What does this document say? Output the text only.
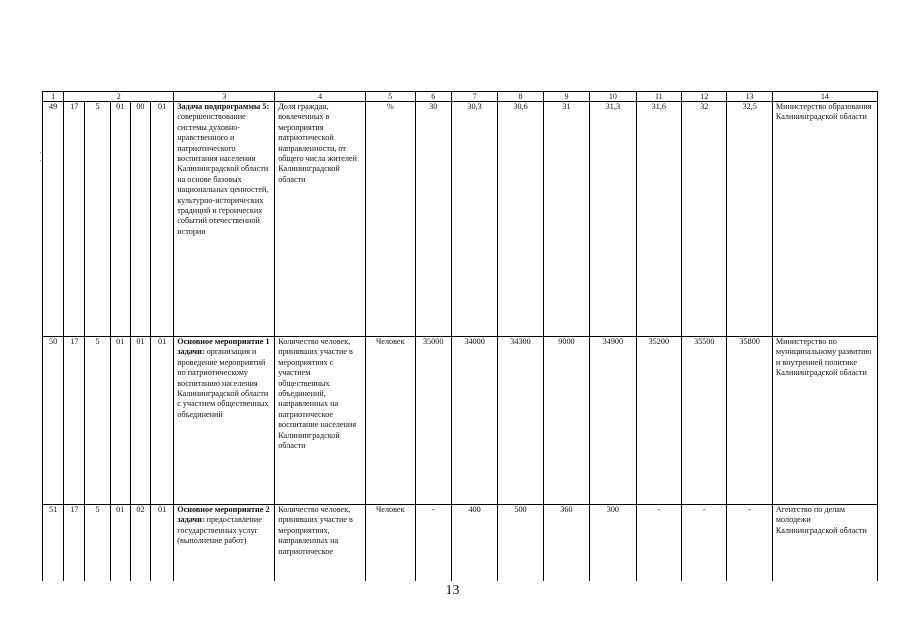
1	2					3	4	5	6	7	8	9	10	11	12	13	14
49	17	5	01	00	01	Задача подпрограммы 5: совершенствование системы духовно-нравственного и патриотического воспитания населения Калининградской области на основе базовых национальных ценностей, культурно-исторических традиций и героических событий отечественной истории	Доля граждан, вовлеченных в мероприятия патриотической направленности, от общего числа жителей Калининградской области	%	30	30,3	30,6	31	31,3	31,6	32	32,5	Министерство образования Калининградской области
50	17	5	01	01	01	Основное мероприятие 1 задачи: организация и проведение мероприятий по патриотическому воспитанию населения Калининградской области с участием общественных объединений	Количество человек, принявших участие в мероприятиях с участием общественных объединений, направленных на патриотическое воспитание населения Калининградской области	Человек	35000	34000	34300	9000	34900	35200	35500	35800	Министерство по муниципальному развитию и внутренней политике Калининградской области
51	17	5	01	02	01	Основное мероприятие 2 задачи: предоставление государственных услуг (выполнение работ)	Количество человек, принявших участие в мероприятиях, направленных на патриотическое	Человек	-	400	500	360	300	-	-	-	Агентство по делам молодежи Калининградской области
13
